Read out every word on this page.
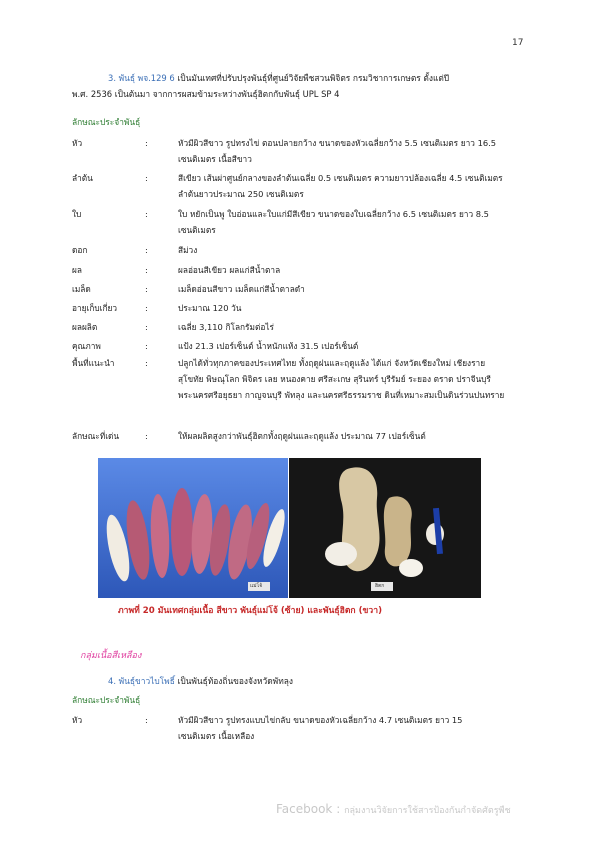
17
3. พันธุ์ พจ.129 6 เป็นมันเทศที่ปรับปรุงพันธุ์ที่ศูนย์วิจัยพืชสวนพิจิตร กรมวิชาการเกษตร ตั้งแต่ปี
พ.ศ. 2536 เป็นต้นมา จากการผสมข้ามระหว่างพันธุ์ฮิตกกับพันธุ์ UPL SP 4
ลักษณะประจำพันธุ์
หัว	:	หัวมีผิวสีขาว รูปทรงไข่ ตอนปลายกว้าง ขนาดของหัวเฉลี่ยกว้าง 5.5 เซนติเมตร ยาว 16.5 เซนติเมตร เนื้อสีขาว
ลำต้น	:	สีเขียว เส้นผ่าศูนย์กลางของลำต้นเฉลี่ย 0.5 เซนติเมตร ความยาวปล้องเฉลี่ย 4.5 เซนติเมตร ลำต้นยาวประมาณ 250 เซนติเมตร
ใบ	:	ใบ หยักเป็นพู ใบอ่อนและใบแก่มีสีเขียว ขนาดของใบเฉลี่ยกว้าง 6.5 เซนติเมตร ยาว 8.5 เซนติเมตร
ดอก	:	สีม่วง
ผล	:	ผลอ่อนสีเขียว ผลแก่สีน้ำตาล
เมล็ด	:	เมล็ดอ่อนสีขาว เมล็ดแก่สีน้ำตาลดำ
อายุเก็บเกี่ยว	:	ประมาณ 120 วัน
ผลผลิต	:	เฉลี่ย 3,110 กิโลกรัมต่อไร่
คุณภาพ	:	แป้ง 21.3 เปอร์เซ็นต์ น้ำหนักแห้ง 31.5 เปอร์เซ็นต์
พื้นที่แนะนำ	:	ปลูกได้ทั่วทุกภาคของประเทศไทย ทั้งฤดูฝนและฤดูแล้ง ได้แก่ จังหวัดเชียงใหม่ เชียงราย สุโขทัย พิษณุโลก พิจิตร เลย หนองคาย ศรีสะเกษ สุรินทร์ บุรีรัมย์ ระยอง ตราด ปราจีนบุรี พระนครศรีอยุธยา กาญจนบุรี พัทลุง และนครศรีธรรมราช ดินที่เหมาะสมเป็นดินร่วนปนทราย
ลักษณะที่เด่น	:	ให้ผลผลิตสูงกว่าพันธุ์ฮิตกทั้งฤดูฝนและฤดูแล้ง ประมาณ 77 เปอร์เซ็นต์
แม่โจ้	ฮิตก
ภาพที่ 20 มันเทศกลุ่มเนื้อ สีขาว พันธุ์แม่โจ้ (ซ้าย) และพันธุ์ฮิตก (ขวา)
กลุ่มเนื้อสีเหลือง
4. พันธุ์ขาวไบโพธิ์ เป็นพันธุ์ท้องถิ่นของจังหวัดพัทลุง
ลักษณะประจำพันธุ์
หัว	:	หัวมีผิวสีขาว รูปทรงแบบไข่กลับ ขนาดของหัวเฉลี่ยกว้าง 4.7 เซนติเมตร ยาว 15 เซนติเมตร เนื้อเหลือง
Facebook : กลุ่มงานวิจัยการใช้สารป้องกันกำจัดศัตรูพืช
